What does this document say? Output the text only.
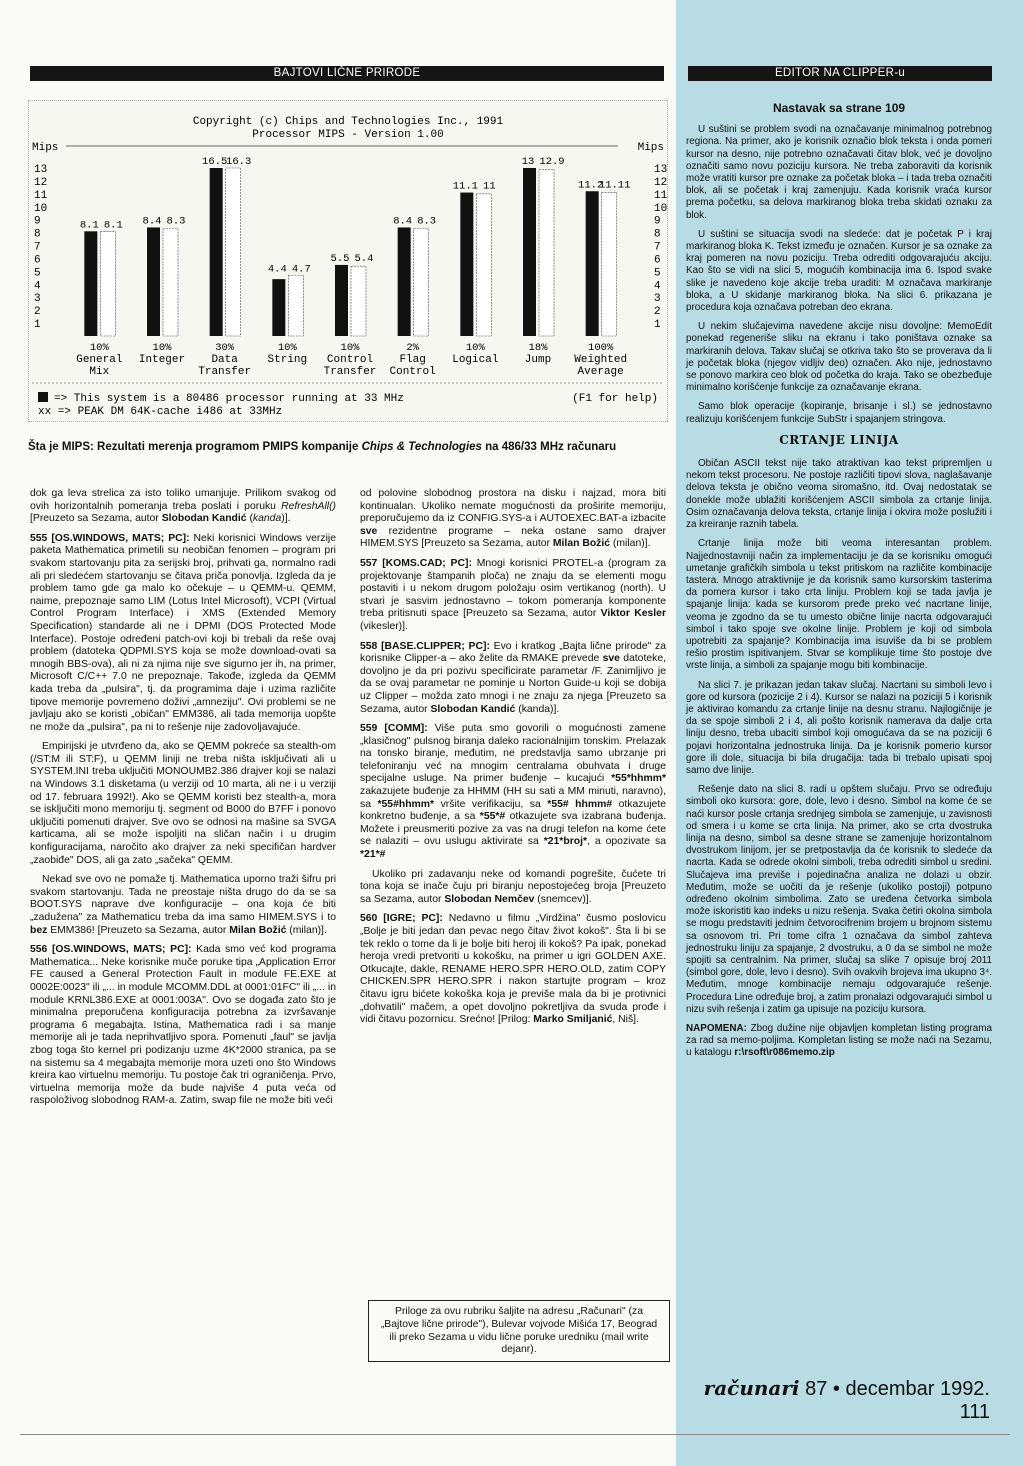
BAJTOVI LIČNE PRIRODE	EDITOR NA CLIPPER-u
Copyright (c) Chips and Technologies Inc., 1991
Processor MIPS - Version 1.00
Mips	Mips
13	13
12	12
11	11
10	10
9	9
8	8
7	7
6	6
5	5
4	4
3	3
2	2
1	1
8.1 8.1
10%
General
Mix
8.4 8.3
10%
Integer
16.5
16.3
30%
Data
Transfer
4.4 4.7
10%
String
5.5 5.4
10%
Control
Transfer
8.4 8.3
2%
Flag
Control
11.1 11
10%
Logical
13 12.9
18%
Jump
11.2
11.11
100%
Weighted
Average
=> This system is a 80486 processor running at 33 MHz	(F1 for help)
xx => PEAK DM 64K-cache i486 at 33MHz
Šta je MIPS: Rezultati merenja programom PMIPS kompanije Chips & Technologies na 486/33 MHz računaru

dok ga leva strelica za isto toliko umanjuje. Prilikom svakog od ovih horizontalnih pomeranja treba poslati i poruku RefreshAll() [Preuzeto sa Sezama, autor Slobodan Kandić (kanda)].

555 [OS.WINDOWS, MATS; PC]: Neki korisnici Windows verzije paketa Mathematica primetili su neobičan fenomen – program pri svakom startovanju pita za serijski broj, prihvati ga, normalno radi ali pri sledećem startovanju se čitava priča ponovlja. Izgleda da je problem tamo gde ga malo ko očekuje – u QEMM-u. QEMM, naime, prepoznaje samo LIM (Lotus Intel Microsoft), VCPI (Virtual Control Program Interface) i XMS (Extended Memory Specification) standarde ali ne i DPMI (DOS Protected Mode Interface). Postoje određeni patch-ovi koji bi trebali da reše ovaj problem (datoteka QDPMI.SYS koja se može download-ovati sa mnogih BBS-ova), ali ni za njima nije sve sigurno jer ih, na primer, Microsoft C/C++ 7.0 ne prepoznaje. Takođe, izgleda da QEMM kada treba da „pulsira", tj. da programima daje i uzima različite tipove memorije povremeno doživi „amneziju". Ovi problemi se ne javljaju ako se koristi „običan" EMM386, ali tada memorija uopšte ne može da „pulsira", pa ni to rešenje nije zadovoljavajuće.

Empirijski je utvrđeno da, ako se QEMM pokreće sa stealth-om (/ST:M ili ST:F), u QEMM liniji ne treba ništa isključivati ali u SYSTEM.INI treba uključiti MONOUMB2.386 drajver koji se nalazi na Windows 3.1 disketama (u verziji od 10 marta, ali ne i u verziji od 17. februara 1992!). Ako se QEMM koristi bez stealth-a, mora se isključiti mono memoriju tj. segment od B000 do B7FF i ponovo uključiti pomenuti drajver. Sve ovo se odnosi na mašine sa SVGA karticama, ali se može ispoljiti na sličan način i u drugim konfiguracijama, naročito ako drajver za neki specifičan hardver „zaobiđe" DOS, ali ga zato „sačeka" QEMM.

Nekad sve ovo ne pomaže tj. Mathematica uporno traži šifru pri svakom startovanju. Tada ne preostaje ništa drugo do da se sa BOOT.SYS naprave dve konfiguracije – ona koja će biti „zadužena" za Mathematicu treba da ima samo HIMEM.SYS i to bez EMM386! [Preuzeto sa Sezama, autor Milan Božić (milan)].

556 [OS.WINDOWS, MATS; PC]: Kada smo već kod programa Mathematica... Neke korisnike muče poruke tipa „Application Error FE caused a General Protection Fault in module FE.EXE at 0002E:0023" ili „... in module MCOMM.DDL at 0001:01FC" ili „... in module KRNL386.EXE at 0001:003A". Ovo se događa zato što je minimalna preporučena konfiguracija potrebna za izvršavanje programa 6 megabajta. Istina, Mathematica radi i sa manje memorije ali je tada neprihvatljivo spora. Pomenuti „faul" se javlja zbog toga što kernel pri podizanju uzme 4K*2000 stranica, pa se na sistemu sa 4 megabajta memorije mora uzeti ono što Windows kreira kao virtuelnu memoriju. Tu postoje čak tri ograničenja. Prvo, virtuelna memorija može da bude najviše 4 puta veća od raspoloživog slobodnog RAM-a. Zatim, swap file ne može biti veći

od polovine slobodnog prostora na disku i najzad, mora biti kontinualan. Ukoliko nemate mogućnosti da proširite memoriju, preporučujemo da iz CONFIG.SYS-a i AUTOEXEC.BAT-a izbacite sve rezidentne programe – neka ostane samo drajver HIMEM.SYS [Preuzeto sa Sezama, autor Milan Božić (milan)].

557 [KOMS.CAD; PC]: Mnogi korisnici PROTEL-a (program za projektovanje štampanih ploča) ne znaju da se elementi mogu postaviti i u nekom drugom položaju osim vertikanog (north). U stvari je sasvim jednostavno – tokom pomeranja komponente treba pritisnuti space [Preuzeto sa Sezama, autor Viktor Kesler (vikesler)].

558 [BASE.CLIPPER; PC]: Evo i kratkog „Bajta lične prirode" za korisnike Clipper-a – ako želite da RMAKE prevede sve datoteke, dovoljno je da pri pozivu specificirate parametar /F. Zanimljivo je da se ovaj parametar ne pominje u Norton Guide-u koji se dobija uz Clipper – možda zato mnogi i ne znaju za njega [Preuzeto sa Sezama, autor Slobodan Kandić (kanda)].

559 [COMM]: Više puta smo govorili o mogućnosti zamene „klasičnog" pulsnog biranja daleko racionalnijim tonskim. Prelazak na tonsko biranje, međutim, ne predstavlja samo ubrzanje pri telefoniranju već na mnogim centralama obuhvata i druge specijalne usluge. Na primer buđenje – kucajući *55*hhmm* zakazujete buđenje za HHMM (HH su sati a MM minuti, naravno), sa *55#hhmm* vršite verifikaciju, sa *55# hhmm# otkazujete konkretno buđenje, a sa *55*# otkazujete sva izabrana buđenja. Možete i preusmeriti pozive za vas na drugi telefon na kome ćete se nalaziti – ovu uslugu aktivirate sa *21*broj*, a opozivate sa *21*#

Ukoliko pri zadavanju neke od komandi pogrešite, čućete tri tona koja se inače čuju pri biranju nepostojećeg broja [Preuzeto sa Sezama, autor Slobodan Nemčev (snemcev)].

560 [IGRE; PC]: Nedavno u filmu „Virdžina" čusmo poslovicu „Bolje je biti jedan dan pevac nego čitav život kokoš". Šta li bi se tek reklo o tome da li je bolje biti heroj ili kokoš? Pa ipak, ponekad heroja vredi pretvoriti u kokošku, na primer u igri GOLDEN AXE. Otkucajte, dakle, RENAME HERO.SPR HERO.OLD, zatim COPY CHICKEN.SPR HERO.SPR i nakon startujte program – kroz čitavu igru bićete kokoška koja je previše mala da bi je protivnici „dohvatili" mačem, a opet dovoljno pokretljiva da svuda prođe i vidi čitavu pozornicu. Srećno! [Prilog: Marko Smiljanić, Niš].

Priloge za ovu rubriku šaljite na adresu „Računari" (za „Bajtove lične prirode"), Bulevar vojvode Mišića 17, Beograd ili preko Sezama u vidu lične poruke uredniku (mail write dejanr).
Nastavak sa strane 109

U suštini se problem svodi na označavanje minimalnog potrebnog regiona. Na primer, ako je korisnik označio blok teksta i onda pomeri kursor na desno, nije potrebno označavati čitav blok, već je dovoljno označiti samo novu poziciju kursora. Ne treba zaboraviti da korisnik može vratiti kursor pre oznake za početak bloka – i tada treba označiti blok, ali se početak i kraj zamenjuju. Kada korisnik vraća kursor prema početku, sa delova markiranog bloka treba skidati oznaku za blok.

U suštini se situacija svodi na sledeće: dat je početak P i kraj markiranog bloka K. Tekst između je označen. Kursor je sa oznake za kraj pomeren na novu poziciju. Treba odrediti odgovarajuću akciju. Kao što se vidi na slici 5, mogućih kombinacija ima 6. Ispod svake slike je navedeno koje akcije treba uraditi: M označava markiranje bloka, a U skidanje markiranog bloka. Na slici 6. prikazana je procedura koja označava potreban deo ekrana.

U nekim slučajevima navedene akcije nisu dovoljne: MemoEdit ponekad regeneriše sliku na ekranu i tako poništava oznake sa markiranih delova. Takav slučaj se otkriva tako što se proverava da li je početak bloka (njegov vidljiv deo) označen. Ako nije, jednostavno se ponovo markira ceo blok od početka do kraja. Tako se obezbeđuje minimalno korišćenje funkcije za označavanje ekrana.

Samo blok operacije (kopiranje, brisanje i sl.) se jednostavno realizuju korišćenjem funkcije SubStr i spajanjem stringova.

CRTANJE LINIJA

Običan ASCII tekst nije tako atraktivan kao tekst pripremljen u nekom tekst procesoru. Ne postoje različiti tipovi slova, naglašavanje delova teksta je obično veoma siromašno, itd. Ovaj nedostatak se donekle može ublažiti korišćenjem ASCII simbola za crtanje linija. Osim označavanja delova teksta, crtanje linija i okvira može poslužiti i za kreiranje raznih tabela.

Crtanje linija može biti veoma interesantan problem. Najjednostavniji način za implementaciju je da se korisniku omogući umetanje grafičkih simbola u tekst pritiskom na različite kombinacije tastera. Mnogo atraktivnije je da korisnik samo kursorskim tasterima da pomera kursor i tako crta liniju. Problem koji se tada javlja je spajanje linija: kada se kursorom pređe preko već nacrtane linije, veoma je zgodno da se tu umesto obične linije nacrta odgovarajući simbol i tako spoje sve okolne linije. Problem je koji od simbola upotrebiti za spajanje? Kombinacija ima isuviše da bi se problem rešio prostim ispitivanjem. Stvar se komplikuje time što postoje dve vrste linija, a simboli za spajanje mogu biti kombinacije.

Na slici 7. je prikazan jedan takav slučaj. Nacrtani su simboli levo i gore od kursora (pozicije 2 i 4). Kursor se nalazi na poziciji 5 i korisnik je aktivirao komandu za crtanje linije na desnu stranu. Najlogičnije je da se spoje simboli 2 i 4, ali pošto korisnik namerava da dalje crta liniju desno, treba ubaciti simbol koji omogućava da se na poziciji 6 pojavi horizontalna jednostruka linija. Da je korisnik pomerio kursor gore ili dole, situacija bi bila drugačija: tada bi trebalo upisati spoj samo dve linije.

Rešenje dato na slici 8. radi u opštem slučaju. Prvo se određuju simboli oko kursora: gore, dole, levo i desno. Simbol na kome će se naći kursor posle crtanja srednjeg simbola se zamenjuje, u zavisnosti od smera i u kome se crta linija. Na primer, ako se crta dvostruka linija na desno, simbol sa desne strane se zamenjuje horizontalnom dvostrukom linijom, jer se pretpostavlja da će korisnik to sledeće da nacrta. Kada se odrede okolni simboli, treba odrediti simbol u sredini. Slučajeva ima previše i pojedinačna analiza ne dolazi u obzir. Međutim, može se uočiti da je rešenje (ukoliko postoji) potpuno određeno okolnim simbolima. Zato se uređena četvorka simbola može iskoristiti kao indeks u nizu rešenja. Svaka četiri okolna simbola se mogu predstaviti jednim četvorocifrenim brojem u brojnom sistemu sa osnovom tri. Pri tome cifra 1 označava da simbol zahteva jednostruku liniju za spajanje, 2 dvostruku, a 0 da se simbol ne može spojiti sa centralnim. Na primer, slučaj sa slike 7 opisuje broj 2011 (simbol gore, dole, levo i desno). Svih ovakvih brojeva ima ukupno 3⁴. Međutim, mnoge kombinacije nemaju odgovarajuće rešenje. Procedura Line određuje broj, a zatim pronalazi odgovarajući simbol u nizu svih rešenja i zatim ga upisuje na poziciju kursora.

NAPOMENA: Zbog dužine nije objavljen kompletan listing programa za rad sa memo-poljima. Kompletan listing se može naći na Sezamu, u katalogu r:\rsoft\r086memo.zip

računari 87 • decembar 1992. 111
